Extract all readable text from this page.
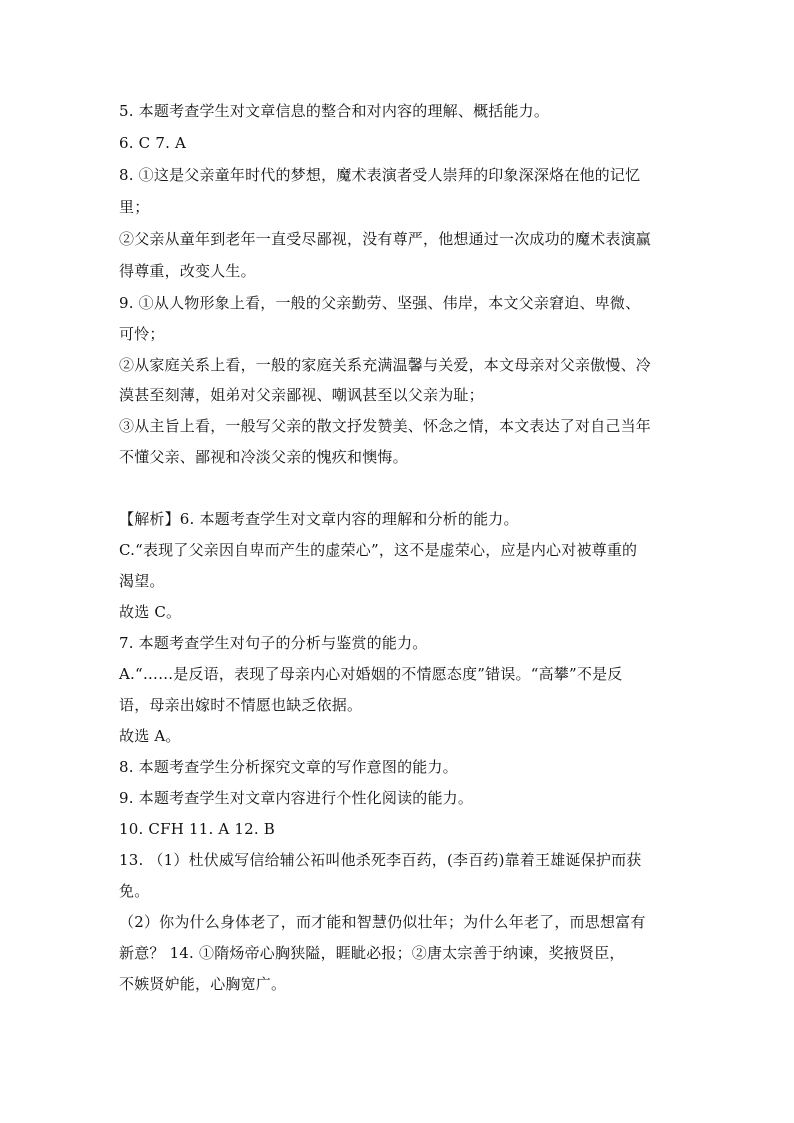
5. 本题考查学生对文章信息的整合和对内容的理解、概括能力。
6. C 7. A
8. ①这是父亲童年时代的梦想，魔术表演者受人崇拜的印象深深烙在他的记忆
里；
②父亲从童年到老年一直受尽鄙视，没有尊严，他想通过一次成功的魔术表演赢
得尊重，改变人生。
9. ①从人物形象上看，一般的父亲勤劳、坚强、伟岸，本文父亲窘迫、卑微、
可怜；
②从家庭关系上看，一般的家庭关系充满温馨与关爱，本文母亲对父亲傲慢、冷
漠甚至刻薄，姐弟对父亲鄙视、嘲讽甚至以父亲为耻；
③从主旨上看，一般写父亲的散文抒发赞美、怀念之情，本文表达了对自己当年
不懂父亲、鄙视和冷淡父亲的愧疚和懊悔。
【解析】6. 本题考查学生对文章内容的理解和分析的能力。
C.“表现了父亲因自卑而产生的虚荣心”，这不是虚荣心，应是内心对被尊重的
渴望。
故选 C。
7. 本题考查学生对句子的分析与鉴赏的能力。
A.“……是反语，表现了母亲内心对婚姻的不情愿态度”错误。“高攀”不是反
语，母亲出嫁时不情愿也缺乏依据。
故选 A。
8. 本题考查学生分析探究文章的写作意图的能力。
9. 本题考查学生对文章内容进行个性化阅读的能力。
10. CFH 11. A 12. B
13. （1）杜伏威写信给辅公祏叫他杀死李百药，(李百药)靠着王雄诞保护而获
免。
（2）你为什么身体老了，而才能和智慧仍似壮年；为什么年老了，而思想富有
新意？ 14. ①隋炀帝心胸狭隘，睚眦必报；②唐太宗善于纳谏，奖掖贤臣，
不嫉贤妒能，心胸宽广。
